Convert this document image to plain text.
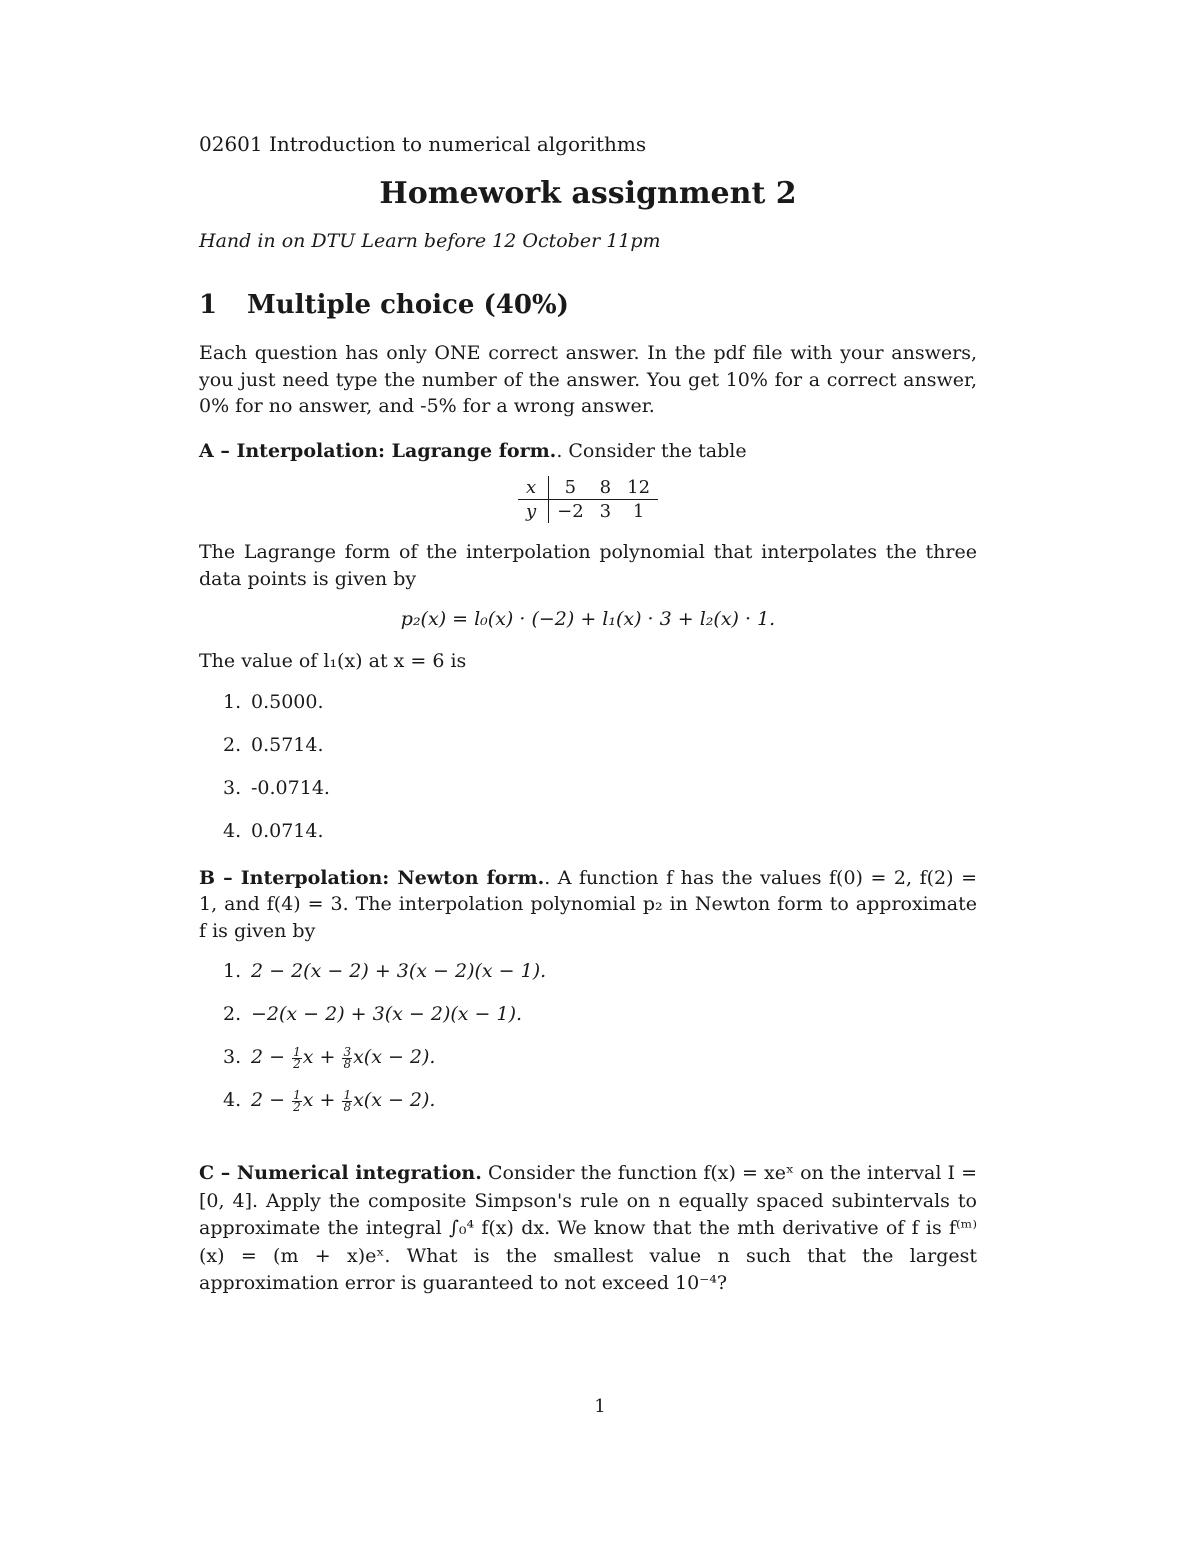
02601 Introduction to numerical algorithms
Homework assignment 2
Hand in on DTU Learn before 12 October 11pm
1 Multiple choice (40%)

Each question has only ONE correct answer. In the pdf file with your answers, you just need type the number of the answer. You get 10% for a correct answer, 0% for no answer, and -5% for a wrong answer.

A – Interpolation: Lagrange form.. Consider the table

x	5	8	12
y	−2	3	1

The Lagrange form of the interpolation polynomial that interpolates the three data points is given by

p₂(x) = l₀(x) · (−2) + l₁(x) · 3 + l₂(x) · 1.

The value of l₁(x) at x = 6 is

1. 0.5000.
2. 0.5714.
3. -0.0714.
4. 0.0714.

B – Interpolation: Newton form.. A function f has the values f(0) = 2, f(2) = 1, and f(4) = 3. The interpolation polynomial p₂ in Newton form to approximate f is given by

1. 2 − 2(x − 2) + 3(x − 2)(x − 1).
2. −2(x − 2) + 3(x − 2)(x − 1).
3. $2 - \frac{1}{2}$ $x + \frac{3}{8} x(x - 2)$.
4. $2 - \frac{1}{2}$ $x + \frac{1}{8} x(x - 2)$.

C – Numerical integration. Consider the function f(x) = xeˣ on the interval I = [0, 4]. Apply the composite Simpson's rule on n equally spaced subintervals to approximate the integral ∫₀⁴ f(x) dx. We know that the mth derivative of f is f⁽ᵐ⁾(x) = (m + x)eˣ. What is the smallest value n such that the largest approximation error is guaranteed to not exceed 10⁻⁴?

1
